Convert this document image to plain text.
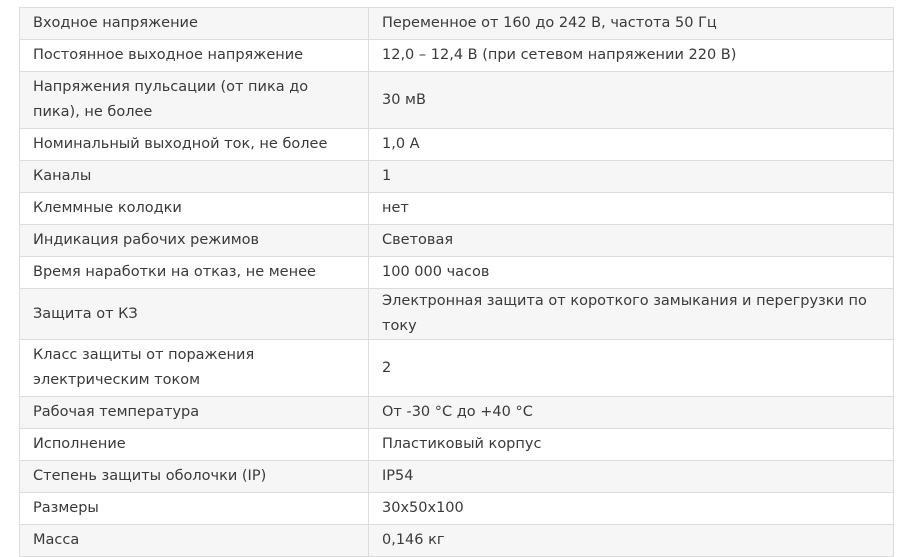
Входное напряжение	Переменное от 160 до 242 В, частота 50 Гц
Постоянное выходное напряжение	12,0 – 12,4 В (при сетевом напряжении 220 В)
Напряжения пульсации (от пика до пика), не более	30 мВ
Номинальный выходной ток, не более	1,0 А
Каналы	1
Клеммные колодки	нет
Индикация рабочих режимов	Световая
Время наработки на отказ, не менее	100 000 часов
Защита от КЗ	Электронная защита от короткого замыкания и перегрузки по току
Класс защиты от поражения электрическим током	2
Рабочая температура	От -30 °С до +40 °С
Исполнение	Пластиковый корпус
Степень защиты оболочки (IP)	IP54
Размеры	30х50х100
Масса	0,146 кг
